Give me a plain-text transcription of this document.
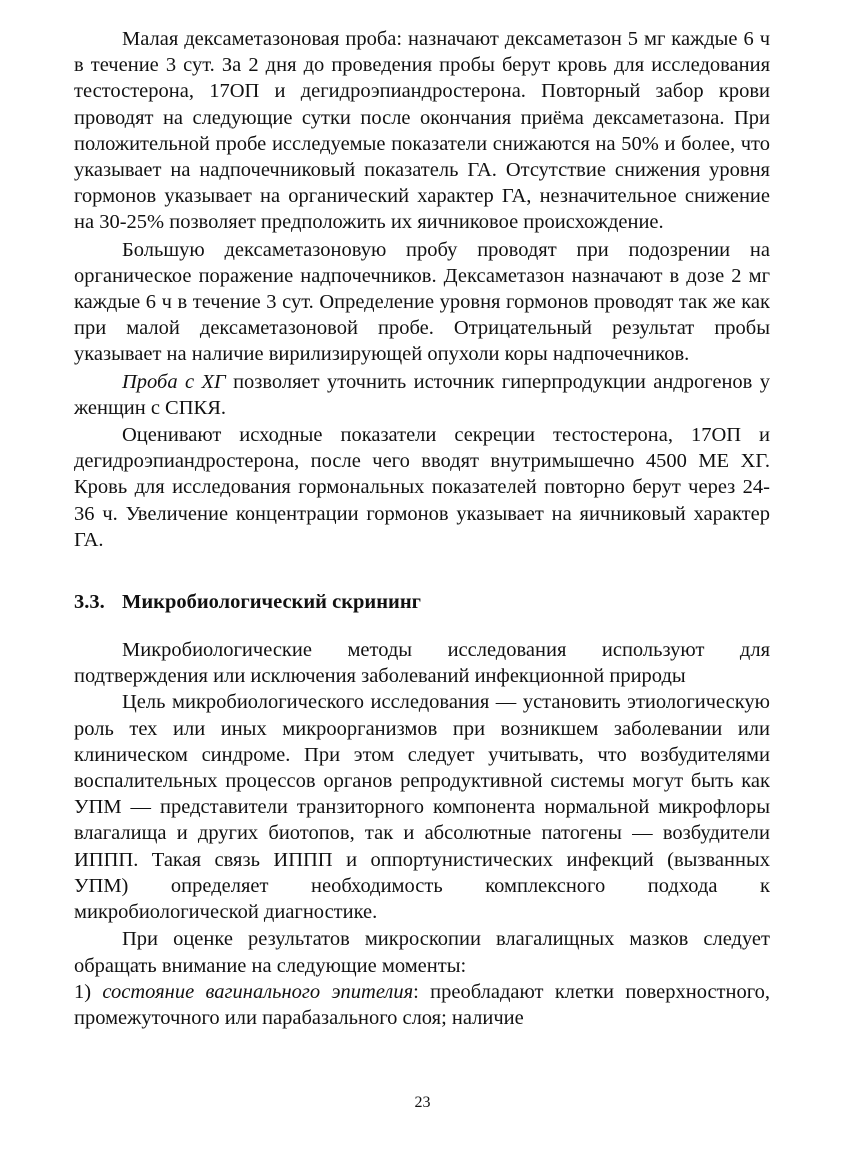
Малая дексаметазоновая проба: назначают дексаметазон 5 мг каждые 6 ч в течение 3 сут. За 2 дня до проведения пробы берут кровь для исследования тестостерона, 17ОП и дегидроэпиандростерона. Повторный забор крови проводят на следующие сутки после окончания приёма дексаметазона. При положительной пробе исследуемые показатели снижаются на 50% и более, что указывает на надпочечниковый показатель ГА. Отсутствие снижения уровня гормонов указывает на органический характер ГА, незначительное снижение на 30-25% позволяет предположить их яичниковое происхождение.

Большую дексаметазоновую пробу проводят при подозрении на органическое поражение надпочечников. Дексаметазон назначают в дозе 2 мг каждые 6 ч в течение 3 сут. Определение уровня гормонов проводят так же как при малой дексаметазоновой пробе. Отрицательный результат пробы указывает на наличие вирилизирующей опухоли коры надпочечников.

Проба с ХГ позволяет уточнить источник гиперпродукции андрогенов у женщин с СПКЯ.

Оценивают исходные показатели секреции тестостерона, 17ОП и дегидроэпиандростерона, после чего вводят внутримышечно 4500 МЕ ХГ. Кровь для исследования гормональных показателей повторно берут через 24-36 ч. Увеличение концентрации гормонов указывает на яичниковый характер ГА.

3.3. Микробиологический скрининг

Микробиологические методы исследования используют для подтверждения или исключения заболеваний инфекционной природы

Цель микробиологического исследования — установить этиологическую роль тех или иных микроорганизмов при возникшем заболевании или клиническом синдроме. При этом следует учитывать, что возбудителями воспалительных процессов органов репродуктивной системы могут быть как УПМ — представители транзиторного компонента нормальной микрофлоры влагалища и других биотопов, так и абсолютные патогены — возбудители ИППП. Такая связь ИППП и оппортунистических инфекций (вызванных УПМ) определяет необходимость комплексного подхода к микробиологической диагностике.

При оценке результатов микроскопии влагалищных мазков следует обращать внимание на следующие моменты:

1) состояние вагинального эпителия: преобладают клетки поверхностного, промежуточного или парабазального слоя; наличие

23
